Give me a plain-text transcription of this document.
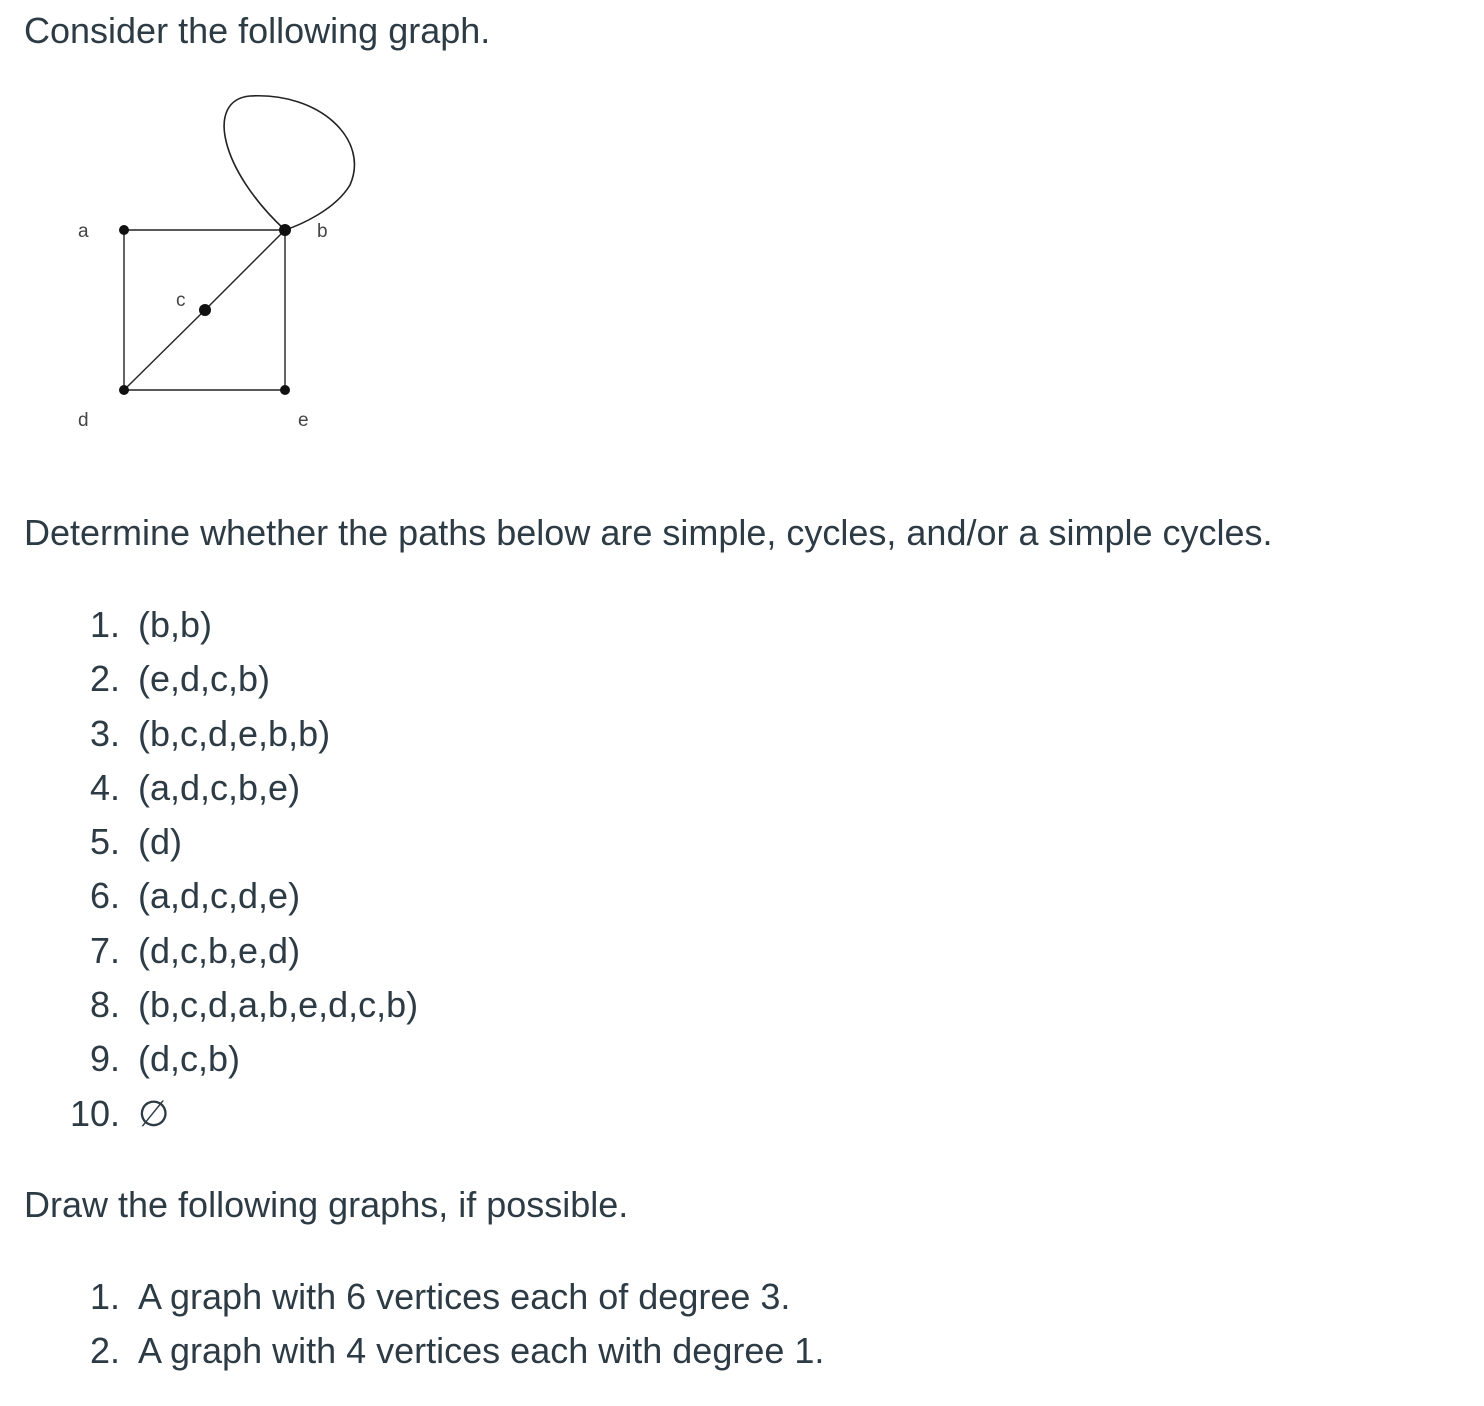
Consider the following graph.
a	b
c
d	e

Determine whether the paths below are simple, cycles, and/or a simple cycles.

1. (b,b)
2. (e,d,c,b)
3. (b,c,d,e,b,b)
4. (a,d,c,b,e)
5. (d)
6. (a,d,c,d,e)
7. (d,c,b,e,d)
8. (b,c,d,a,b,e,d,c,b)
9. (d,c,b)
10. ∅

Draw the following graphs, if possible.

1. A graph with 6 vertices each of degree 3.
2. A graph with 4 vertices each with degree 1.
